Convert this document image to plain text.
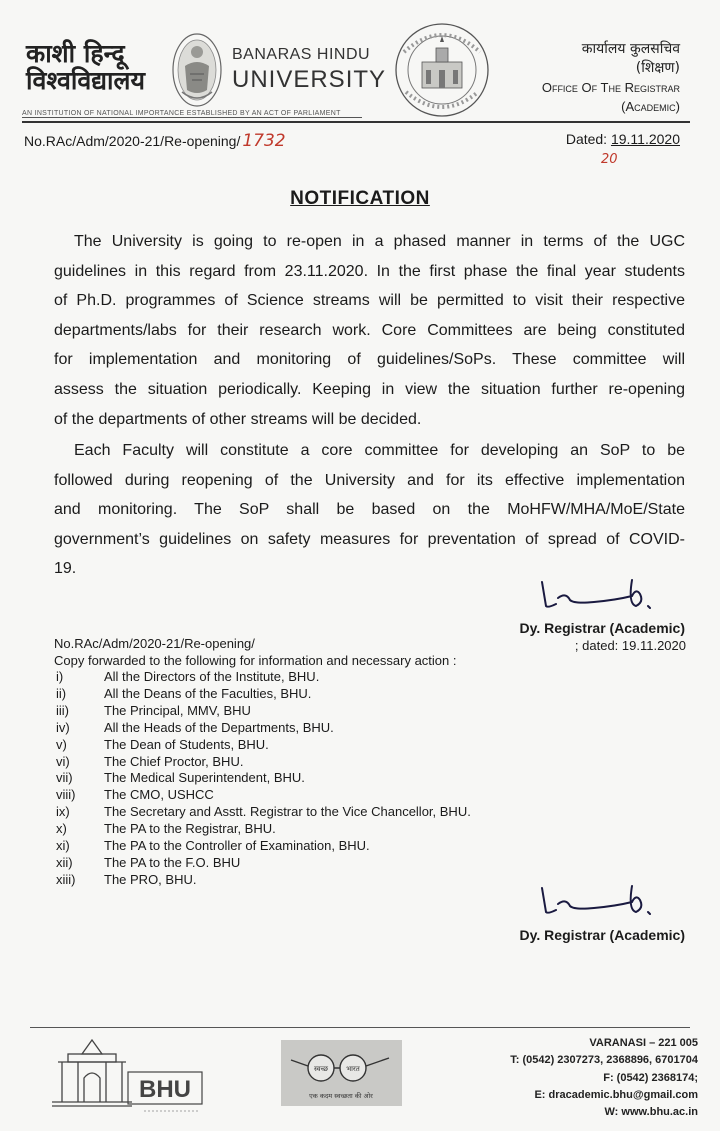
काशी हिन्दू
विश्वविद्यालय
BANARAS HINDU
UNIVERSITY
कार्यालय कुलसचिव
(शिक्षण)
Office Of The Registrar
(Academic)
AN INSTITUTION OF NATIONAL IMPORTANCE ESTABLISHED BY AN ACT OF PARLIAMENT
No.RAc/Adm/2020-21/Re-opening/ 1732	Dated: 19.11.2020
20
NOTIFICATION
The University is going to re-open in a phased manner in terms of the UGC
guidelines in this regard from 23.11.2020. In the first phase the final year students
of Ph.D. programmes of Science streams will be permitted to visit their respective
departments/labs for their research work. Core Committees are being constituted
for implementation and monitoring of guidelines/SoPs. These committee will
assess the situation periodically. Keeping in view the situation further re-opening
of the departments of other streams will be decided.
Each Faculty will constitute a core committee for developing an SoP to be
followed during reopening of the University and for its effective implementation
and monitoring. The SoP shall be based on the MoHFW/MHA/MoE/State
government’s guidelines on safety measures for preventation of spread of COVID-
19.
Dy. Registrar (Academic)
No.RAc/Adm/2020-21/Re-opening/	; dated: 19.11.2020
Copy forwarded to the following for information and necessary action :
i)	All the Directors of the Institute, BHU.
ii)	All the Deans of the Faculties, BHU.
iii)	The Principal, MMV, BHU
iv)	All the Heads of the Departments, BHU.
v)	The Dean of Students, BHU.
vi)	The Chief Proctor, BHU.
vii) The Medical Superintendent, BHU.
viii) The CMO, USHCC
ix)	The Secretary and Asstt. Registrar to the Vice Chancellor, BHU.
x)	The PA to the Registrar, BHU.
xi)	The PA to the Controller of Examination, BHU.
xii) The PA to the F.O. BHU
xiii) The PRO, BHU.
Dy. Registrar (Academic)
BHU
स्वच्छ	भारत
एक कदम स्वच्छता की ओर
VARANASI – 221 005
T: (0542) 2307273, 2368896, 6701704
F: (0542) 2368174;
E: dracademic.bhu@gmail.com
W: www.bhu.ac.in
